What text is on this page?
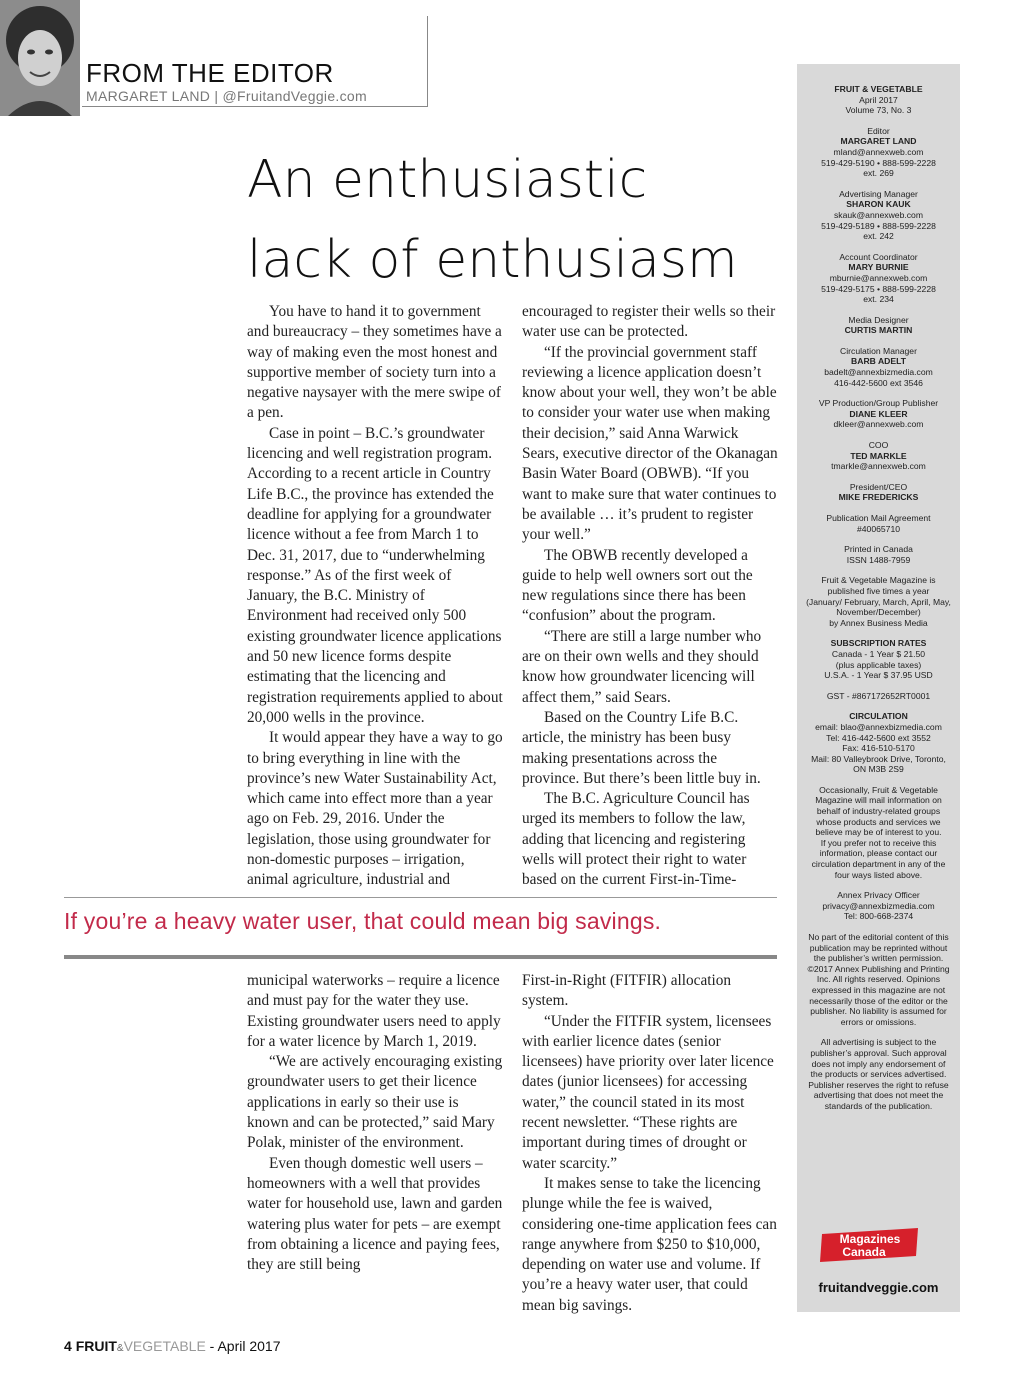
FROM THE EDITOR
MARGARET LAND | @FruitandVeggie.com
An enthusiastic
lack of enthusiasm

You have to hand it to government and bureaucracy – they sometimes have a way of making even the most honest and supportive member of society turn into a negative naysayer with the mere swipe of a pen.

Case in point – B.C.’s groundwater licencing and well registration program. According to a recent article in Country Life B.C., the province has extended the deadline for applying for a groundwater licence without a fee from March 1 to Dec. 31, 2017, due to “underwhelming response.” As of the first week of January, the B.C. Ministry of Environment had received only 500 existing groundwater licence applications and 50 new licence forms despite estimating that the licencing and registration requirements applied to about 20,000 wells in the province.

It would appear they have a way to go to bring everything in line with the province’s new Water Sustainability Act, which came into effect more than a year ago on Feb. 29, 2016. Under the legislation, those using groundwater for non-domestic purposes – irrigation, animal agriculture, industrial and

encouraged to register their wells so their water use can be protected.

“If the provincial government staff reviewing a licence application doesn’t know about your well, they won’t be able to consider your water use when making their decision,” said Anna Warwick Sears, executive director of the Okanagan Basin Water Board (OBWB). “If you want to make sure that water continues to be available … it’s prudent to register your well.”

The OBWB recently developed a guide to help well owners sort out the new regulations since there has been “confusion” about the program.

“There are still a large number who are on their own wells and they should know how groundwater licencing will affect them,” said Sears.

Based on the Country Life B.C. article, the ministry has been busy making presentations across the province. But there’s been little buy in.

The B.C. Agriculture Council has urged its members to follow the law, adding that licencing and registering wells will protect their right to water based on the current First-in-Time-

If you’re a heavy water user, that could mean big savings.

municipal waterworks – require a licence and must pay for the water they use. Existing groundwater users need to apply for a water licence by March 1, 2019.

“We are actively encouraging existing groundwater users to get their licence applications in early so their use is known and can be protected,” said Mary Polak, minister of the environment.

Even though domestic well users – homeowners with a well that provides water for household use, lawn and garden watering plus water for pets – are exempt from obtaining a licence and paying fees, they are still being

First-in-Right (FITFIR) allocation system.

“Under the FITFIR system, licensees with earlier licence dates (senior licensees) have priority over later licence dates (junior licensees) for accessing water,” the council stated in its most recent newsletter. “These rights are important during times of drought or water scarcity.”

It makes sense to take the licencing plunge while the fee is waived, considering one-time application fees can range anywhere from $250 to $10,000, depending on water use and volume. If you’re a heavy water user, that could mean big savings.

4 FRUIT&VEGETABLE - April 2017
FRUIT & VEGETABLE
April 2017
Volume 73, No. 3
Editor
MARGARET LAND
mland@annexweb.com
519-429-5190 • 888-599-2228
ext. 269
Advertising Manager
SHARON KAUK
skauk@annexweb.com
519-429-5189 • 888-599-2228
ext. 242
Account Coordinator
MARY BURNIE
mburnie@annexweb.com
519-429-5175 • 888-599-2228
ext. 234
Media Designer
CURTIS MARTIN
Circulation Manager
BARB ADELT
badelt@annexbizmedia.com
416-442-5600 ext 3546
VP Production/Group Publisher
DIANE KLEER
dkleer@annexweb.com
COO
TED MARKLE
tmarkle@annexweb.com
President/CEO
MIKE FREDERICKS
Publication Mail Agreement
#40065710
Printed in Canada
ISSN 1488-7959
Fruit & Vegetable Magazine is
published five times a year
(January/ February, March, April, May,
November/December)
by Annex Business Media
SUBSCRIPTION RATES
Canada - 1 Year $ 21.50
(plus applicable taxes)
U.S.A. - 1 Year $ 37.95 USD
GST - #867172652RT0001
CIRCULATION
email: blao@annexbizmedia.com
Tel: 416-442-5600 ext 3552
Fax: 416-510-5170
Mail: 80 Valleybrook Drive, Toronto,
ON M3B 2S9
Occasionally, Fruit & Vegetable
Magazine will mail information on
behalf of industry-related groups
whose products and services we
believe may be of interest to you.
If you prefer not to receive this
information, please contact our
circulation department in any of the
four ways listed above.
Annex Privacy Officer
privacy@annexbizmedia.com
Tel: 800-668-2374
No part of the editorial content of this
publication may be reprinted without
the publisher’s written permission.
©2017 Annex Publishing and Printing
Inc. All rights reserved. Opinions
expressed in this magazine are not
necessarily those of the editor or the
publisher. No liability is assumed for
errors or omissions.
All advertising is subject to the
publisher’s approval. Such approval
does not imply any endorsement of
the products or services advertised.
Publisher reserves the right to refuse
advertising that does not meet the
standards of the publication.
Magazines
Canada
fruitandveggie.com
